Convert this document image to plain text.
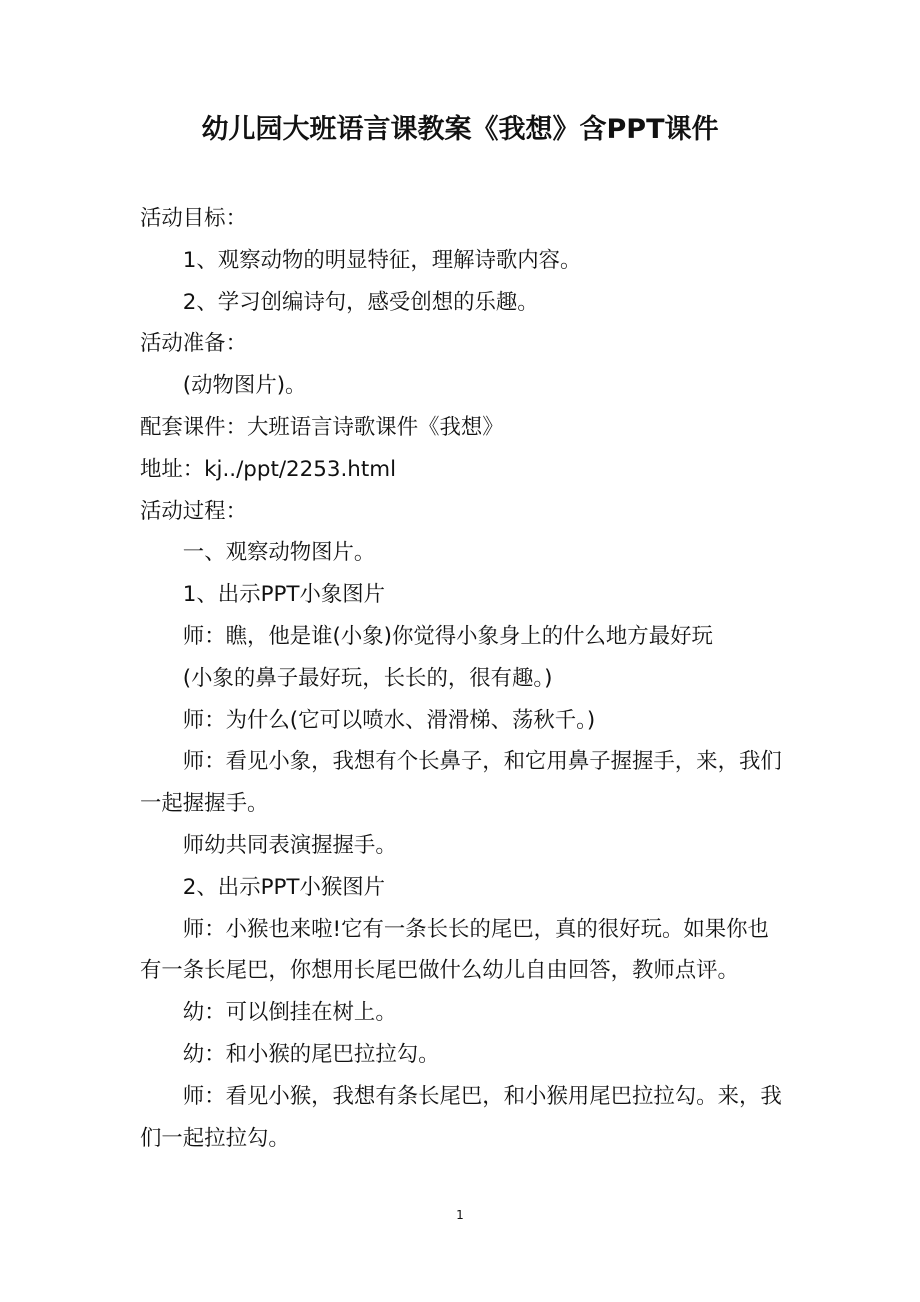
幼儿园大班语言课教案《我想》含PPT课件

活动目标：

1、观察动物的明显特征，理解诗歌内容。

2、学习创编诗句，感受创想的乐趣。

活动准备：

(动物图片)。

配套课件：大班语言诗歌课件《我想》

地址：kj../ppt/2253.html

活动过程：

一、观察动物图片。

1、出示PPT小象图片

师：瞧，他是谁(小象)你觉得小象身上的什么地方最好玩

(小象的鼻子最好玩，长长的，很有趣。)

师：为什么(它可以喷水、滑滑梯、荡秋千。)

师：看见小象，我想有个长鼻子，和它用鼻子握握手，来，我们一起握握手。

师幼共同表演握握手。

2、出示PPT小猴图片

师：小猴也来啦!它有一条长长的尾巴，真的很好玩。如果你也有一条长尾巴，你想用长尾巴做什么幼儿自由回答，教师点评。

幼：可以倒挂在树上。

幼：和小猴的尾巴拉拉勾。

师：看见小猴，我想有条长尾巴，和小猴用尾巴拉拉勾。来，我们一起拉拉勾。

1
